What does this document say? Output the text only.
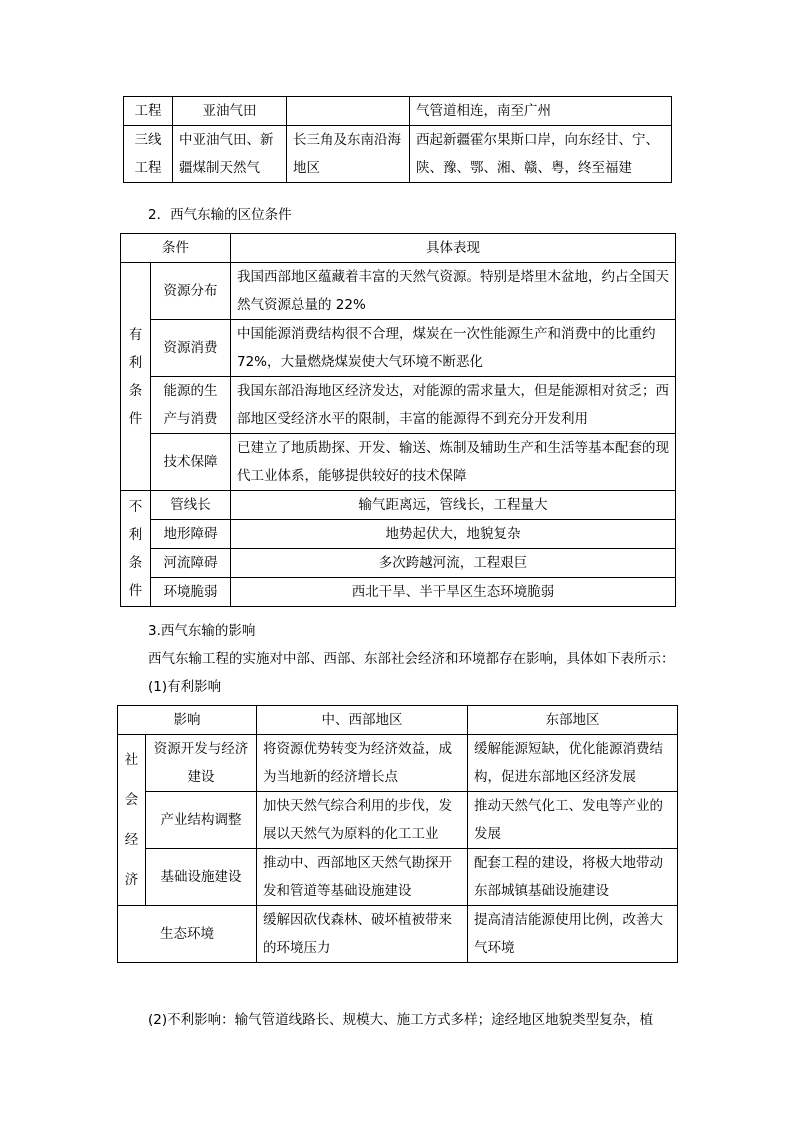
工程	亚油气田		气管道相连，南至广州

三线
工程	中亚油气田、新疆煤制天然气	长三角及东南沿海地区	西起新疆霍尔果斯口岸，向东经甘、宁、陕、豫、鄂、湘、赣、粤，终至福建
2．西气东输的区位条件
条件		具体表现

有
利
条
件	资源分布	我国西部地区蕴藏着丰富的天然气资源。特别是塔里木盆地，约占全国天然气资源总量的 22%
	资源消费	中国能源消费结构很不合理，煤炭在一次性能源生产和消费中的比重约 72%，大量燃烧煤炭使大气环境不断恶化
	能源的生产与消费	我国东部沿海地区经济发达，对能源的需求量大，但是能源相对贫乏；西部地区受经济水平的限制，丰富的能源得不到充分开发利用
	技术保障	已建立了地质勘探、开发、输送、炼制及辅助生产和生活等基本配套的现代工业体系，能够提供较好的技术保障

不
利
条
件	管线长	输气距离远，管线长，工程量大
	地形障碍	地势起伏大，地貌复杂
	河流障碍	多次跨越河流，工程艰巨
	环境脆弱	西北干旱、半干旱区生态环境脆弱
3.西气东输的影响
西气东输工程的实施对中部、西部、东部社会经济和环境都存在影响，具体如下表所示：
(1)有利影响
影响		中、西部地区	东部地区

社
会
经
济	资源开发与经济建设	将资源优势转变为经济效益，成为当地新的经济增长点	缓解能源短缺，优化能源消费结构，促进东部地区经济发展
	产业结构调整	加快天然气综合利用的步伐，发展以天然气为原料的化工工业	推动天然气化工、发电等产业的发展
	基础设施建设	推动中、西部地区天然气勘探开发和管道等基础设施建设	配套工程的建设，将极大地带动东部城镇基础设施建设
生态环境		缓解因砍伐森林、破坏植被带来的环境压力	提高清洁能源使用比例，改善大气环境
(2)不利影响：输气管道线路长、规模大、施工方式多样；途经地区地貌类型复杂，植
